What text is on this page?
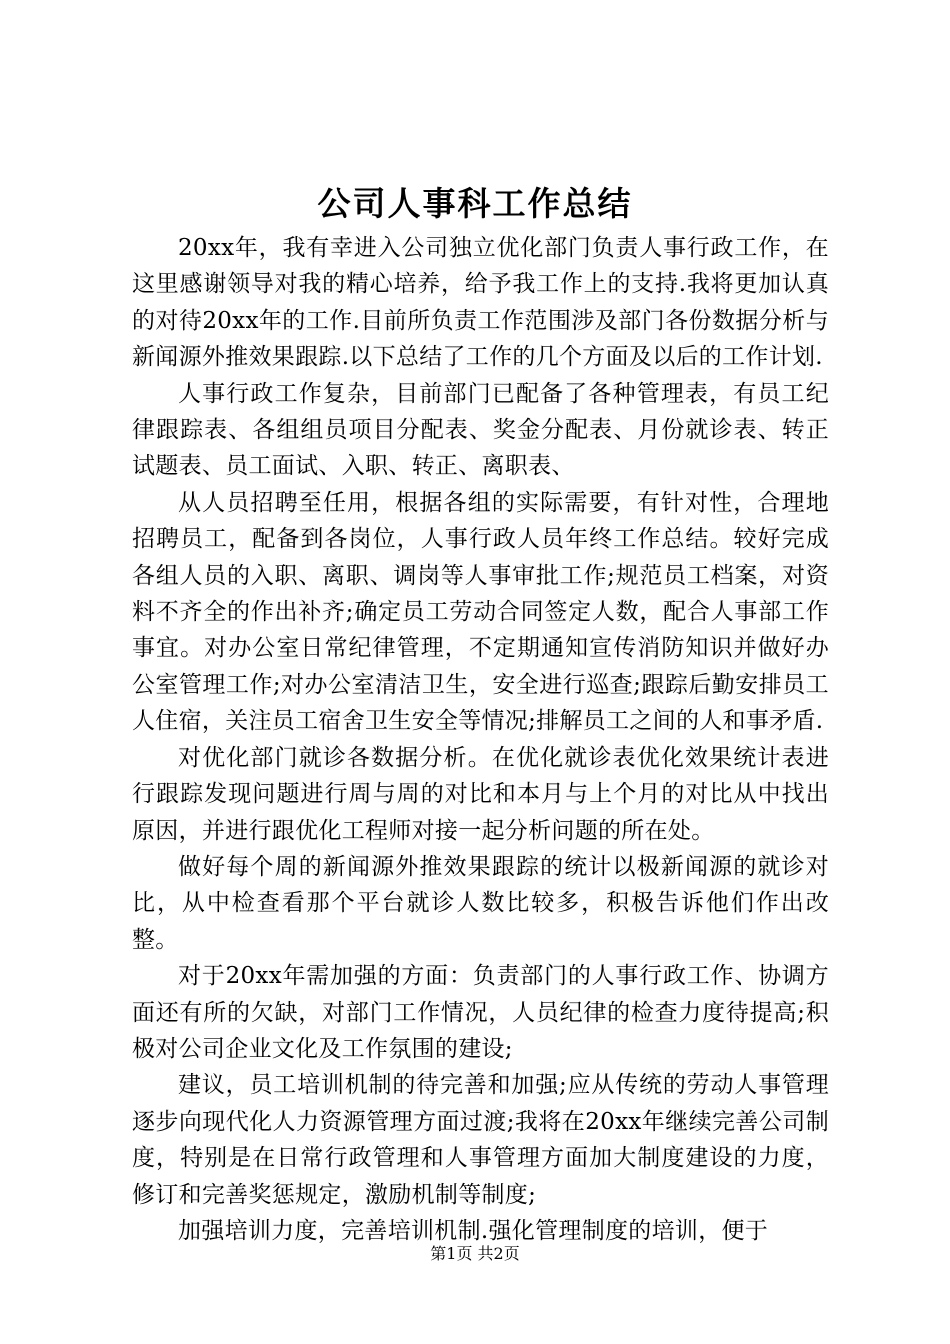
公司人事科工作总结

20xx年，我有幸进入公司独立优化部门负责人事行政工作，在这里感谢领导对我的精心培养，给予我工作上的支持.我将更加认真的对待20xx年的工作.目前所负责工作范围涉及部门各份数据分析与新闻源外推效果跟踪.以下总结了工作的几个方面及以后的工作计划.

人事行政工作复杂，目前部门已配备了各种管理表，有员工纪律跟踪表、各组组员项目分配表、奖金分配表、月份就诊表、转正试题表、员工面试、入职、转正、离职表、

从人员招聘至任用，根据各组的实际需要，有针对性，合理地招聘员工，配备到各岗位，人事行政人员年终工作总结。较好完成各组人员的入职、离职、调岗等人事审批工作;规范员工档案，对资料不齐全的作出补齐;确定员工劳动合同签定人数，配合人事部工作事宜。对办公室日常纪律管理，不定期通知宣传消防知识并做好办公室管理工作;对办公室清洁卫生，安全进行巡查;跟踪后勤安排员工人住宿，关注员工宿舍卫生安全等情况;排解员工之间的人和事矛盾.

对优化部门就诊各数据分析。在优化就诊表优化效果统计表进行跟踪发现问题进行周与周的对比和本月与上个月的对比从中找出原因，并进行跟优化工程师对接一起分析问题的所在处。

做好每个周的新闻源外推效果跟踪的统计以极新闻源的就诊对比，从中检查看那个平台就诊人数比较多，积极告诉他们作出改整。

对于20xx年需加强的方面：负责部门的人事行政工作、协调方面还有所的欠缺，对部门工作情况，人员纪律的检查力度待提高;积极对公司企业文化及工作氛围的建设;

建议，员工培训机制的待完善和加强;应从传统的劳动人事管理逐步向现代化人力资源管理方面过渡;我将在20xx年继续完善公司制度，特别是在日常行政管理和人事管理方面加大制度建设的力度，修订和完善奖惩规定，激励机制等制度;

加强培训力度，完善培训机制.强化管理制度的培训，便于

第1页 共2页
